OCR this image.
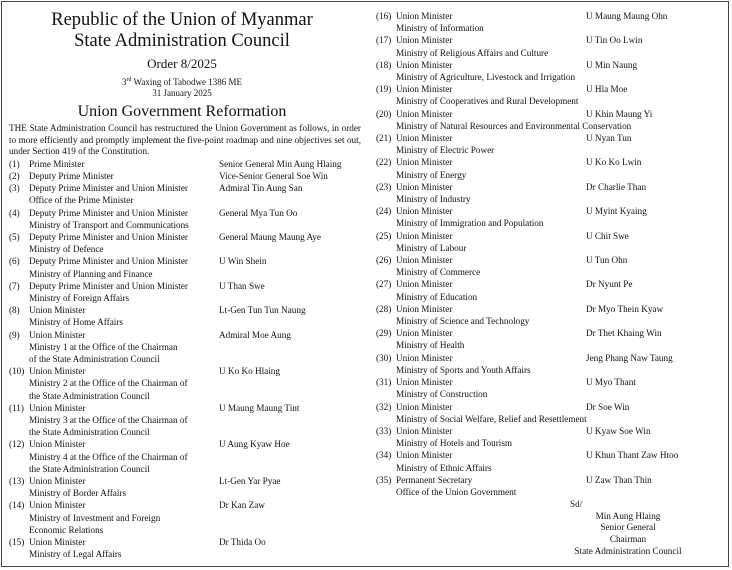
Republic of the Union of Myanmar
State Administration Council
Order 8/2025
3rd Waxing of Tabodwe 1386 ME
31 January 2025
Union Government Reformation
THE State Administration Council has restructured the Union Government as follows, in order to more efficiently and promptly implement the five-point roadmap and nine objectives set out, under Section 419 of the Constitution.
(1) Prime Minister	Senior General Min Aung Hlaing
(2) Deputy Prime Minister	Vice-Senior General Soe Win
(3) Deputy Prime Minister and Union Minister
Office of the Prime Minister
Admiral Tin Aung San
(4) Deputy Prime Minister and Union Minister
Ministry of Transport and Communications
General Mya Tun Oo
(5) Deputy Prime Minister and Union Minister
Ministry of Defence
General Maung Maung Aye
(6) Deputy Prime Minister and Union Minister
Ministry of Planning and Finance
U Win Shein
(7) Deputy Prime Minister and Union Minister
Ministry of Foreign Affairs
U Than Swe
(8) Union Minister
Ministry of Home Affairs
Lt-Gen Tun Tun Naung
(9) Union Minister
Ministry 1 at the Office of the Chairman
of the State Administration Council
Admiral Moe Aung
(10) Union Minister
Ministry 2 at the Office of the Chairman of
the State Administration Council
U Ko Ko Hlaing
(11) Union Minister
Ministry 3 at the Office of the Chairman of
the State Administration Council
U Maung Maung Tint
(12) Union Minister
Ministry 4 at the Office of the Chairman of
the State Administration Council
U Aung Kyaw Hoe
(13) Union Minister
Ministry of Border Affairs
Lt-Gen Yar Pyae
(14) Union Minister
Ministry of Investment and Foreign
Economic Relations
Dr Kan Zaw
(15) Union Minister
Ministry of Legal Affairs
Dr Thida Oo
(16) Union Minister
Ministry of Information
U Maung Maung Ohn
(17) Union Minister
Ministry of Religious Affairs and Culture
U Tin Oo Lwin
(18) Union Minister
Ministry of Agriculture, Livestock and Irrigation
U Min Naung
(19) Union Minister
Ministry of Cooperatives and Rural Development
U Hla Moe
(20) Union Minister
Ministry of Natural Resources and Environmental Conservation
U Khin Maung Yi
(21) Union Minister
Ministry of Electric Power
U Nyan Tun
(22) Union Minister
Ministry of Energy
U Ko Ko Lwin
(23) Union Minister
Ministry of Industry
Dr Charlie Than
(24) Union Minister
Ministry of Immigration and Population
U Myint Kyaing
(25) Union Minister
Ministry of Labour
U Chit Swe
(26) Union Minister
Ministry of Commerce
U Tun Ohn
(27) Union Minister
Ministry of Education
Dr Nyunt Pe
(28) Union Minister
Ministry of Science and Technology
Dr Myo Thein Kyaw
(29) Union Minister
Ministry of Health
Dr Thet Khaing Win
(30) Union Minister
Ministry of Sports and Youth Affairs
Jeng Phang Naw Taung
(31) Union Minister
Ministry of Construction
U Myo Thant
(32) Union Minister
Ministry of Social Welfare, Relief and Resettlement
Dr Soe Win
(33) Union Minister
Ministry of Hotels and Tourism
U Kyaw Soe Win
(34) Union Minister
Ministry of Ethnic Affairs
U Khun Thant Zaw Htoo
(35) Permanent Secretary
Office of the Union Government
U Zaw Than Thin
Sd/
Min Aung Hlaing
Senior General
Chairman
State Administration Council
